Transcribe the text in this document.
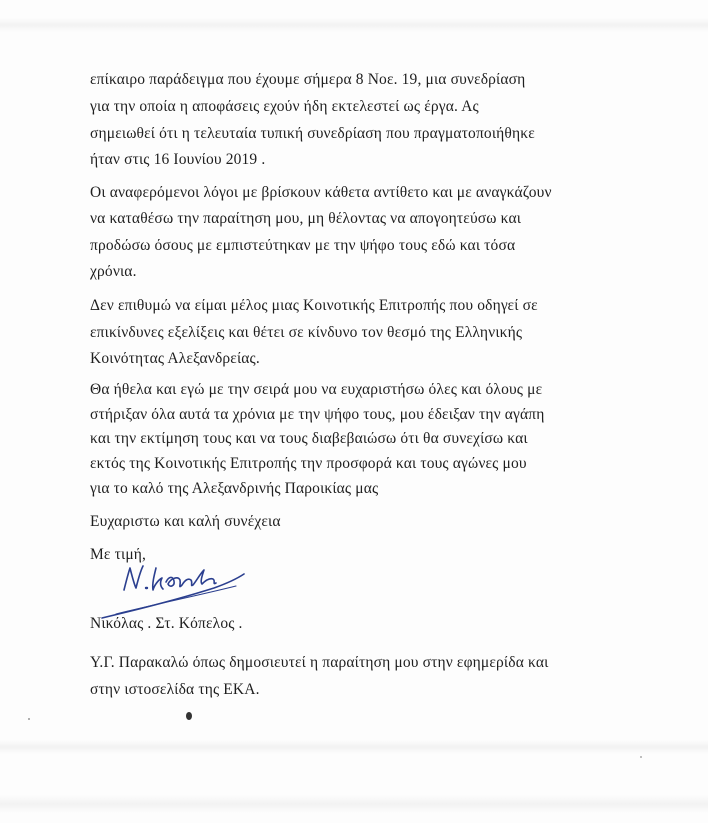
επίκαιρο παράδειγμα που έχουμε σήμερα 8 Νοε. 19, μια συνεδρίαση
για την οποία η αποφάσεις εχούν ήδη εκτελεστεί ως έργα. Ας
σημειωθεί ότι η τελευταία τυπική συνεδρίαση που πραγματοποιήθηκε
ήταν στις 16 Ιουνίου 2019 .
Οι αναφερόμενοι λόγοι με βρίσκουν κάθετα αντίθετο και με αναγκάζουν
να καταθέσω την παραίτηση μου, μη θέλοντας να απογοητεύσω και
προδώσω όσους με εμπιστεύτηκαν με την ψήφο τους εδώ και τόσα
χρόνια.
Δεν επιθυμώ να είμαι μέλος μιας Κοινοτικής Επιτροπής που οδηγεί σε
επικίνδυνες εξελίξεις και θέτει σε κίνδυνο τον θεσμό της Ελληνικής
Κοινότητας Αλεξανδρείας.
Θα ήθελα και εγώ με την σειρά μου να ευχαριστήσω όλες και όλους με
στήριξαν όλα αυτά τα χρόνια με την ψήφο τους, μου έδειξαν την αγάπη
και την εκτίμηση τους και να τους διαβεβαιώσω ότι θα συνεχίσω και
εκτός της Κοινοτικής Επιτροπής την προσφορά και τους αγώνες μου
για το καλό της Αλεξανδρινής Παροικίας μας
Ευχαριστω και καλή συνέχεια
Με τιμή,
Νικόλας . Στ. Κόπελος .
Υ.Γ. Παρακαλώ όπως δημοσιευτεί η παραίτηση μου στην εφημερίδα και
στην ιστοσελίδα της ΕΚΑ.
